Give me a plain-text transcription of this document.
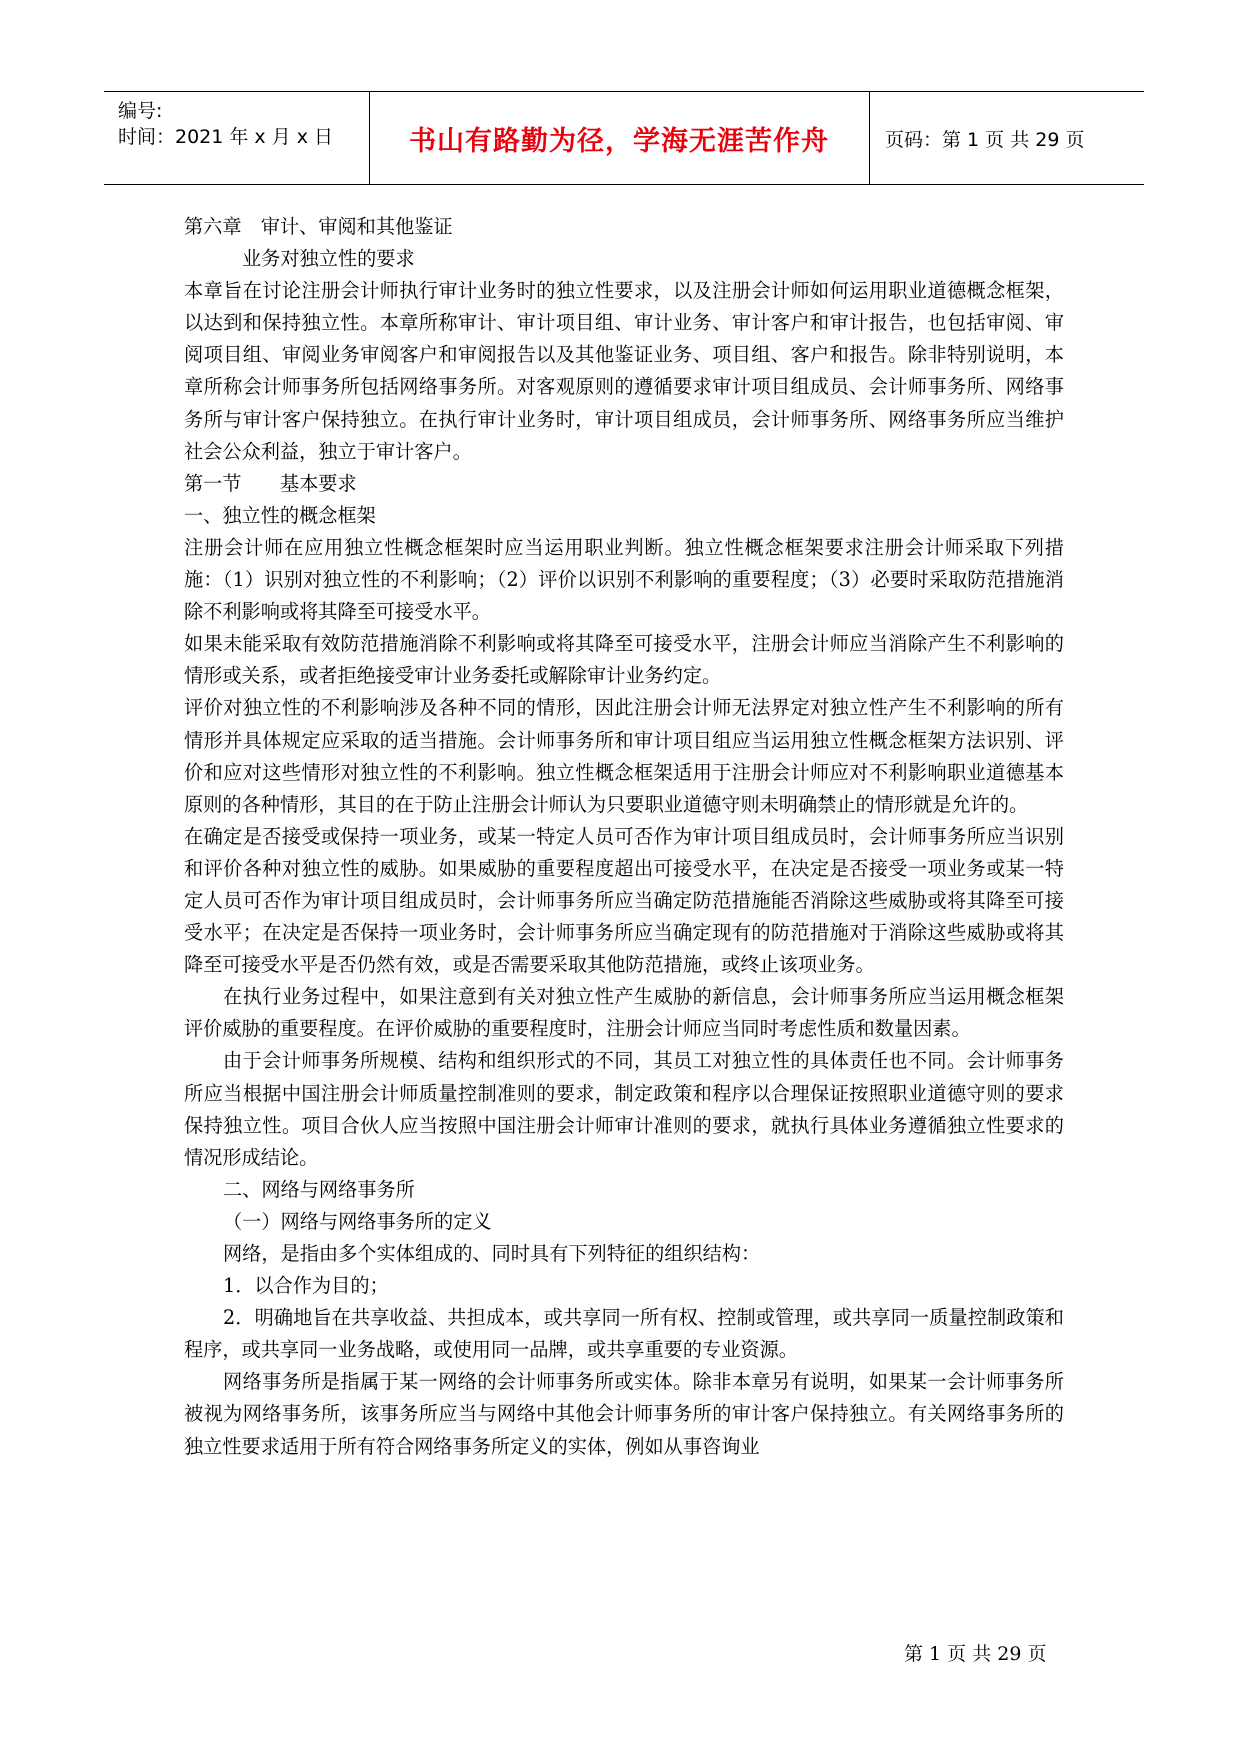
编号:
时间：2021 年 x 月 x 日	书山有路勤为径，学海无涯苦作舟	页码：第 1 页 共 29 页

第六章　审计、审阅和其他鉴证

业务对独立性的要求

本章旨在讨论注册会计师执行审计业务时的独立性要求，以及注册会计师如何运用职业道德概念框架，以达到和保持独立性。本章所称审计、审计项目组、审计业务、审计客户和审计报告，也包括审阅、审阅项目组、审阅业务审阅客户和审阅报告以及其他鉴证业务、项目组、客户和报告。除非特别说明，本章所称会计师事务所包括网络事务所。对客观原则的遵循要求审计项目组成员、会计师事务所、网络事务所与审计客户保持独立。在执行审计业务时，审计项目组成员，会计师事务所、网络事务所应当维护社会公众利益，独立于审计客户。

第一节　　基本要求

一、独立性的概念框架

注册会计师在应用独立性概念框架时应当运用职业判断。独立性概念框架要求注册会计师采取下列措施：（1）识别对独立性的不利影响；（2）评价以识别不利影响的重要程度；（3）必要时采取防范措施消除不利影响或将其降至可接受水平。

如果未能采取有效防范措施消除不利影响或将其降至可接受水平，注册会计师应当消除产生不利影响的情形或关系，或者拒绝接受审计业务委托或解除审计业务约定。

评价对独立性的不利影响涉及各种不同的情形，因此注册会计师无法界定对独立性产生不利影响的所有情形并具体规定应采取的适当措施。会计师事务所和审计项目组应当运用独立性概念框架方法识别、评价和应对这些情形对独立性的不利影响。独立性概念框架适用于注册会计师应对不利影响职业道德基本原则的各种情形，其目的在于防止注册会计师认为只要职业道德守则未明确禁止的情形就是允许的。

在确定是否接受或保持一项业务，或某一特定人员可否作为审计项目组成员时，会计师事务所应当识别和评价各种对独立性的威胁。如果威胁的重要程度超出可接受水平，在决定是否接受一项业务或某一特定人员可否作为审计项目组成员时，会计师事务所应当确定防范措施能否消除这些威胁或将其降至可接受水平；在决定是否保持一项业务时，会计师事务所应当确定现有的防范措施对于消除这些威胁或将其降至可接受水平是否仍然有效，或是否需要采取其他防范措施，或终止该项业务。

在执行业务过程中，如果注意到有关对独立性产生威胁的新信息，会计师事务所应当运用概念框架评价威胁的重要程度。在评价威胁的重要程度时，注册会计师应当同时考虑性质和数量因素。

由于会计师事务所规模、结构和组织形式的不同，其员工对独立性的具体责任也不同。会计师事务所应当根据中国注册会计师质量控制准则的要求，制定政策和程序以合理保证按照职业道德守则的要求保持独立性。项目合伙人应当按照中国注册会计师审计准则的要求，就执行具体业务遵循独立性要求的情况形成结论。

二、网络与网络事务所

（一）网络与网络事务所的定义

网络，是指由多个实体组成的、同时具有下列特征的组织结构：

1．以合作为目的；

2．明确地旨在共享收益、共担成本，或共享同一所有权、控制或管理，或共享同一质量控制政策和程序，或共享同一业务战略，或使用同一品牌，或共享重要的专业资源。

网络事务所是指属于某一网络的会计师事务所或实体。除非本章另有说明，如果某一会计师事务所被视为网络事务所，该事务所应当与网络中其他会计师事务所的审计客户保持独立。有关网络事务所的独立性要求适用于所有符合网络事务所定义的实体，例如从事咨询业

第 1 页 共 29 页
